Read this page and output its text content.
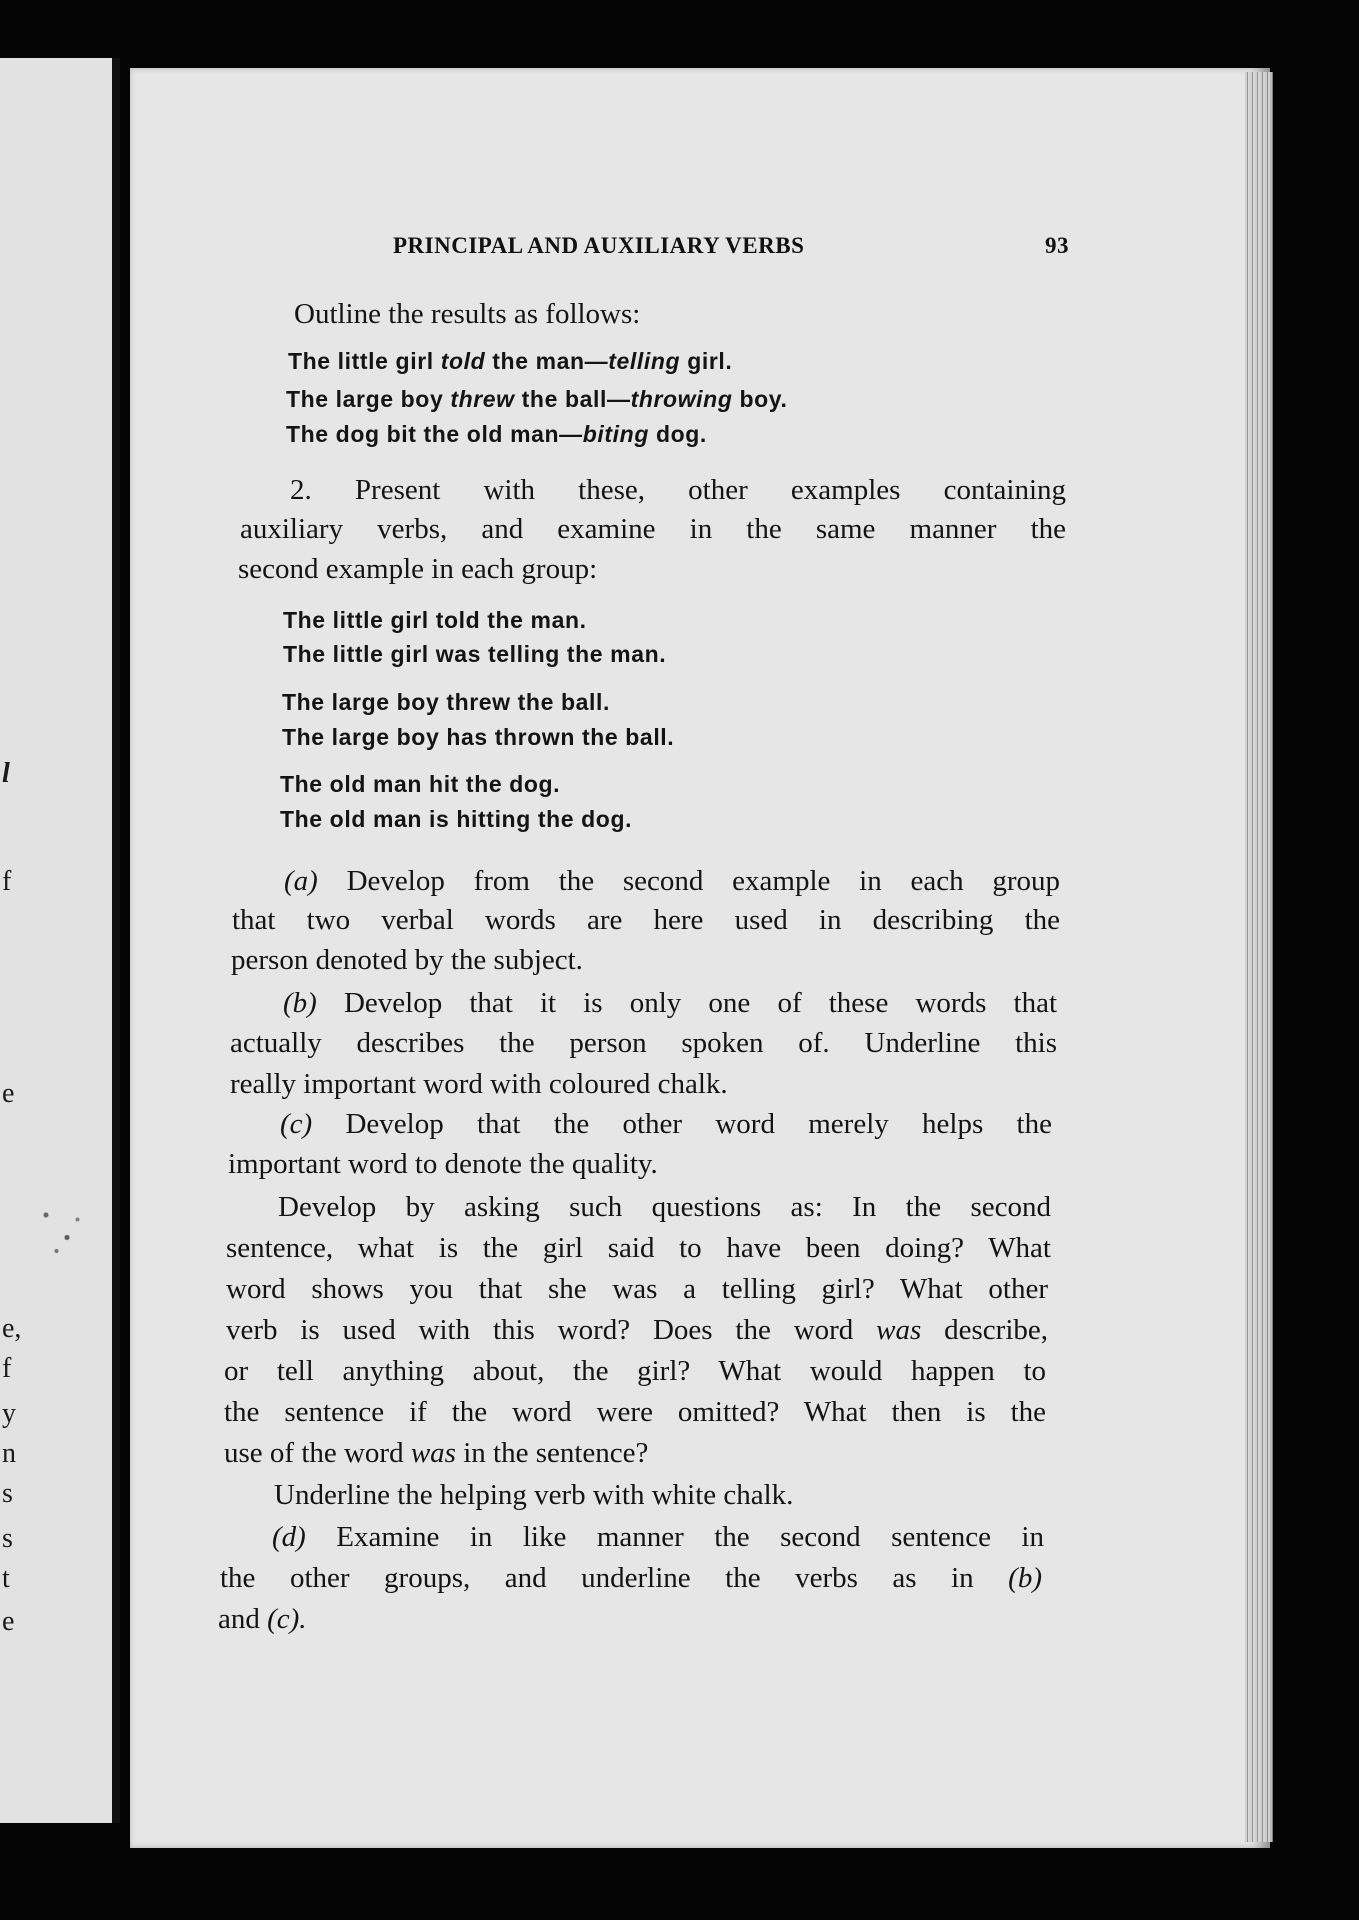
l
f
e
e,
f
y
n
s
s
t
e
PRINCIPAL AND AUXILIARY VERBS	93
Outline the results as follows:
The little girl told the man—telling girl.
The large boy threw the ball—throwing boy.
The dog bit the old man—biting dog.
2. Present with these, other examples containing
auxiliary verbs, and examine in the same manner the
second example in each group:
The little girl told the man.
The little girl was telling the man.
The large boy threw the ball.
The large boy has thrown the ball.
The old man hit the dog.
The old man is hitting the dog.
(a) Develop from the second example in each group
that two verbal words are here used in describing the
person denoted by the subject.
(b) Develop that it is only one of these words that
actually describes the person spoken of. Underline this
really important word with coloured chalk.
(c) Develop that the other word merely helps the
important word to denote the quality.
Develop by asking such questions as: In the second
sentence, what is the girl said to have been doing? What
word shows you that she was a telling girl? What other
verb is used with this word? Does the word was describe,
or tell anything about, the girl? What would happen to
the sentence if the word were omitted? What then is the
use of the word was in the sentence?
Underline the helping verb with white chalk.
(d) Examine in like manner the second sentence in
the other groups, and underline the verbs as in (b)
and (c).
